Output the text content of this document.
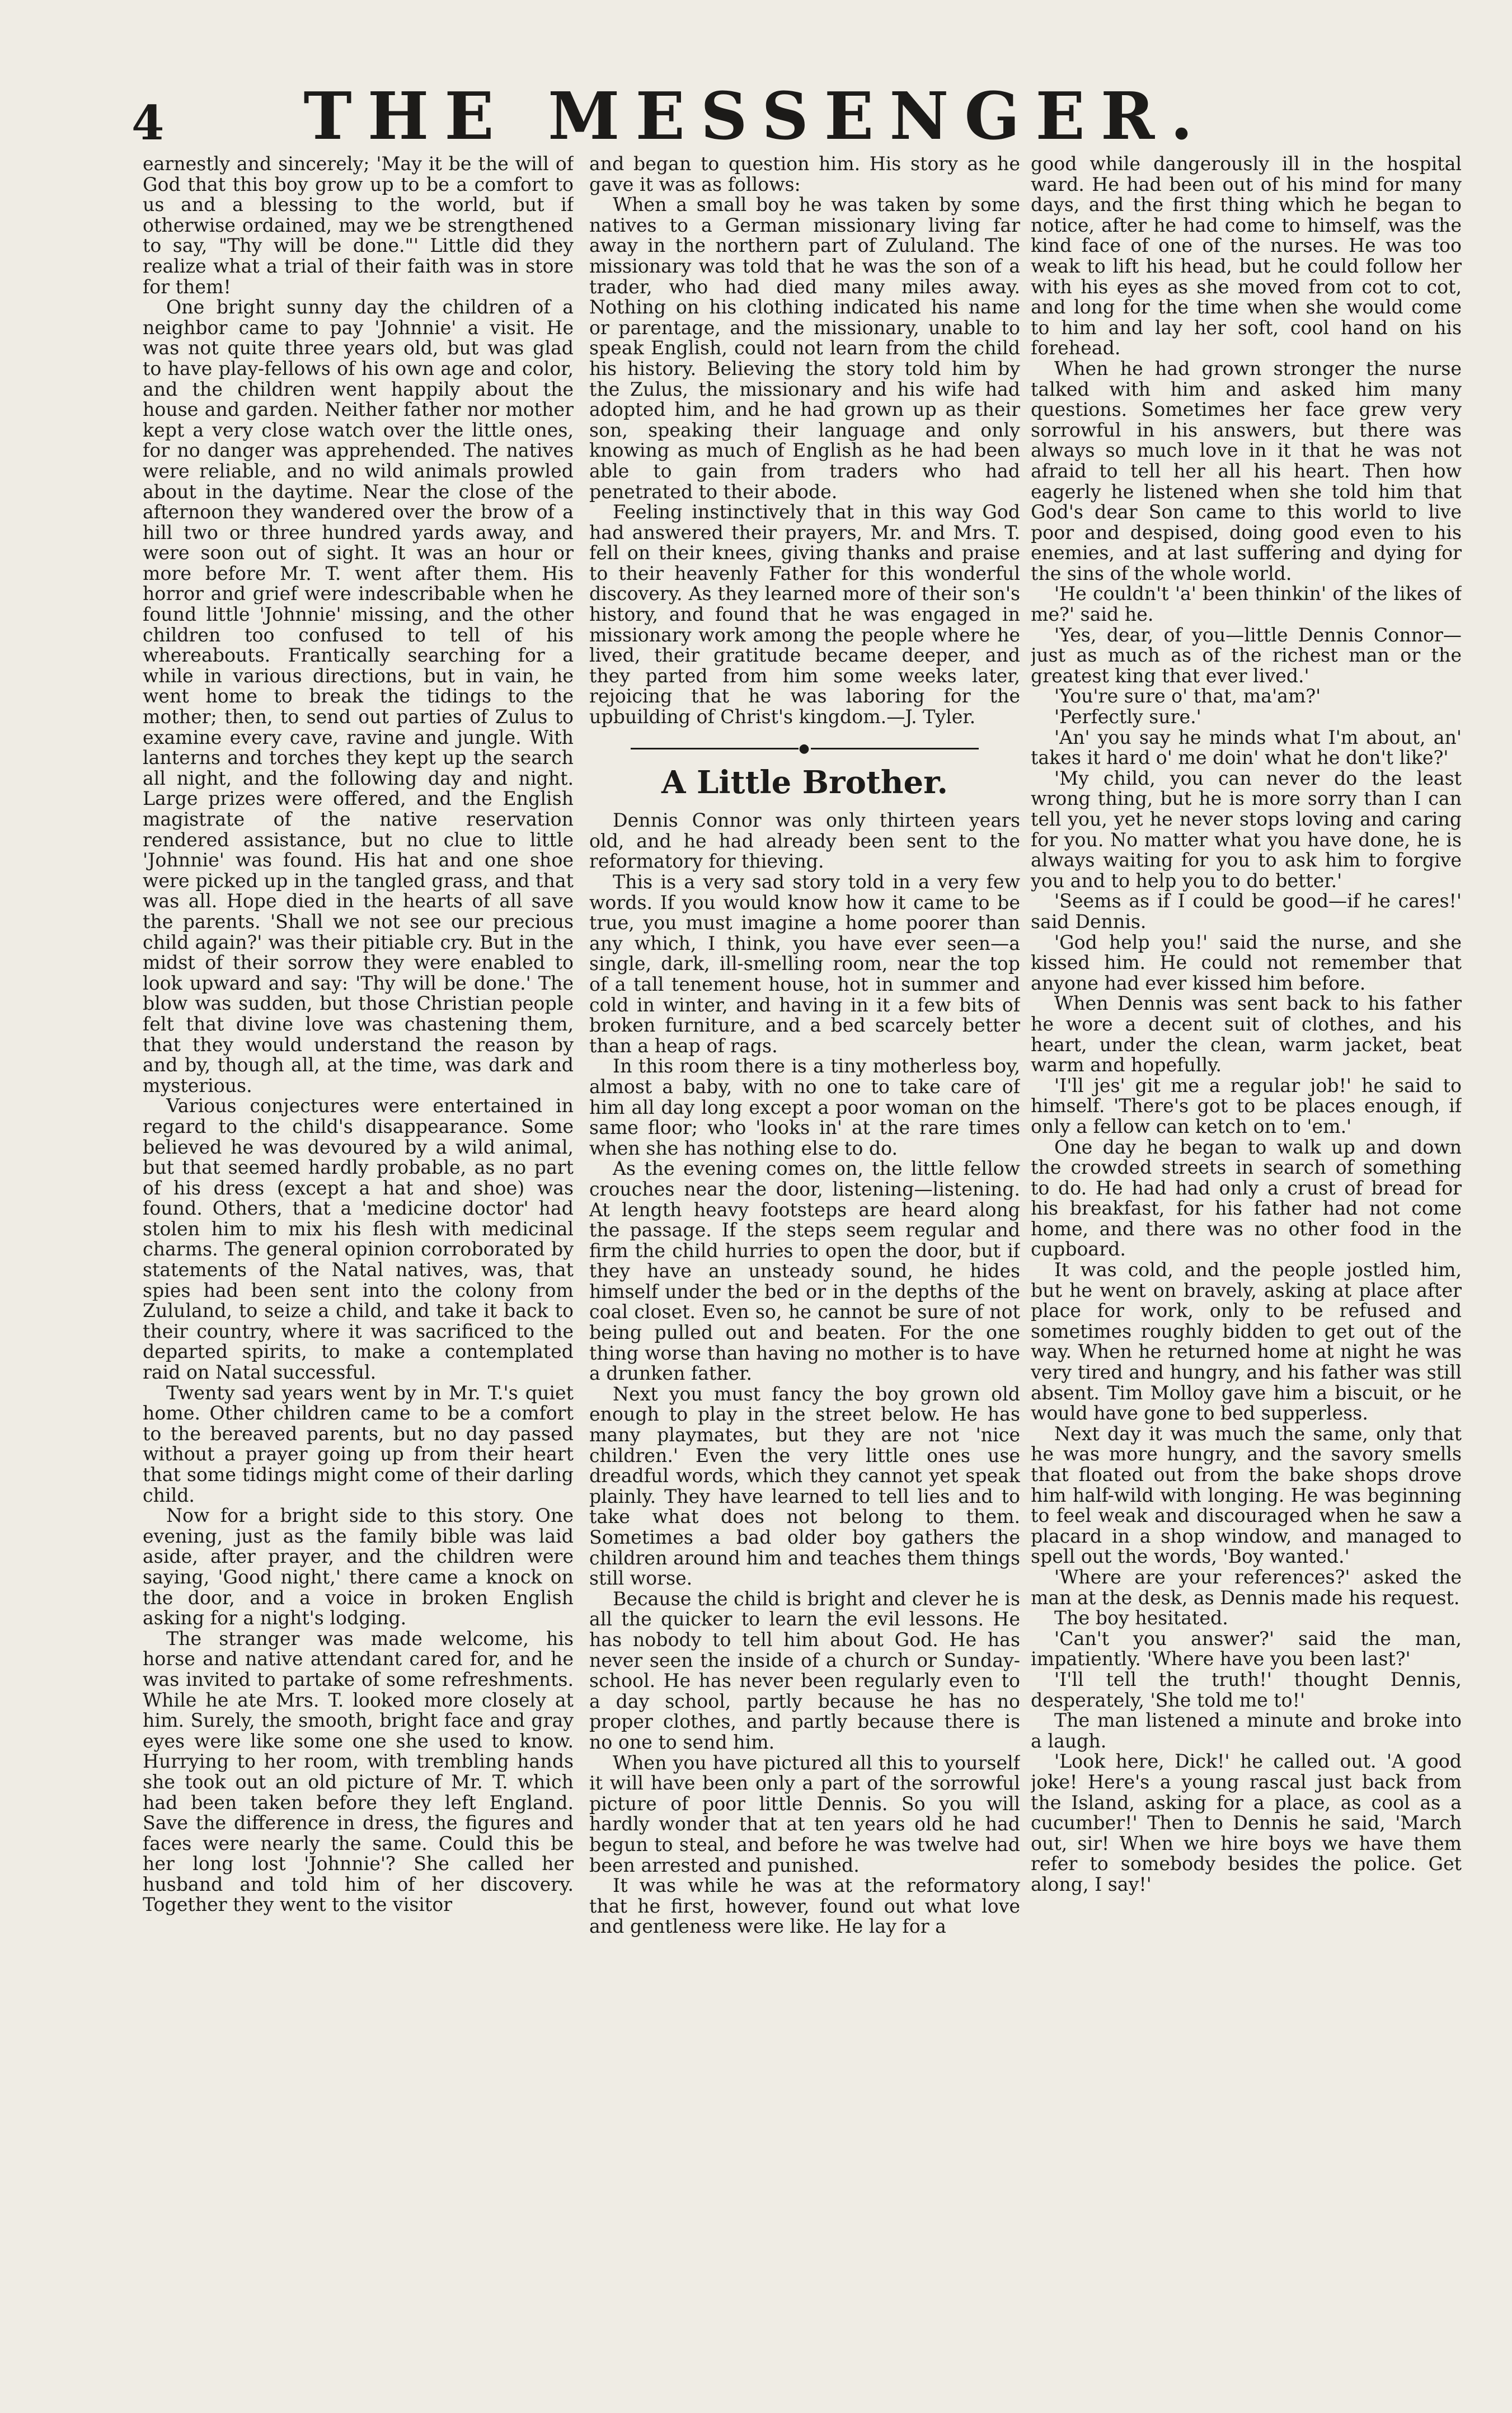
4	THE MESSENGER.

earnestly and sincerely; 'May it be the will of God that this boy grow up to be a comfort to us and a blessing to the world, but if otherwise ordained, may we be strengthened to say, "Thy will be done."' Little did they realize what a trial of their faith was in store for them!

One bright sunny day the children of a neighbor came to pay 'Johnnie' a visit. He was not quite three years old, but was glad to have play-fellows of his own age and color, and the children went happily about the house and garden. Neither father nor mother kept a very close watch over the little ones, for no danger was apprehended. The natives were reliable, and no wild animals prowled about in the daytime. Near the close of the afternoon they wandered over the brow of a hill two or three hundred yards away, and were soon out of sight. It was an hour or more before Mr. T. went after them. His horror and grief were indescribable when he found little 'Johnnie' missing, and the other children too confused to tell of his whereabouts. Frantically searching for a while in various directions, but in vain, he went home to break the tidings to the mother; then, to send out parties of Zulus to examine every cave, ravine and jungle. With lanterns and torches they kept up the search all night, and the following day and night. Large prizes were offered, and the English magistrate of the native reservation rendered assistance, but no clue to little 'Johnnie' was found. His hat and one shoe were picked up in the tangled grass, and that was all. Hope died in the hearts of all save the parents. 'Shall we not see our precious child again?' was their pitiable cry. But in the midst of their sorrow they were enabled to look upward and say: 'Thy will be done.' The blow was sudden, but those Christian people felt that divine love was chastening them, that they would understand the reason by and by, though all, at the time, was dark and mysterious.

Various conjectures were entertained in regard to the child's disappearance. Some believed he was devoured by a wild animal, but that seemed hardly probable, as no part of his dress (except a hat and shoe) was found. Others, that a 'medicine doctor' had stolen him to mix his flesh with medicinal charms. The general opinion corroborated by statements of the Natal natives, was, that spies had been sent into the colony from Zululand, to seize a child, and take it back to their country, where it was sacrificed to the departed spirits, to make a contemplated raid on Natal successful.

Twenty sad years went by in Mr. T.'s quiet home. Other children came to be a comfort to the bereaved parents, but no day passed without a prayer going up from their heart that some tidings might come of their darling child.

Now for a bright side to this story. One evening, just as the family bible was laid aside, after prayer, and the children were saying, 'Good night,' there came a knock on the door, and a voice in broken English asking for a night's lodging.

The stranger was made welcome, his horse and native attendant cared for, and he was invited to partake of some refreshments. While he ate Mrs. T. looked more closely at him. Surely, the smooth, bright face and gray eyes were like some one she used to know. Hurrying to her room, with trembling hands she took out an old picture of Mr. T. which had been taken before they left England. Save the difference in dress, the figures and faces were nearly the same. Could this be her long lost 'Johnnie'? She called her husband and told him of her discovery. Together they went to the visitor

and began to question him. His story as he gave it was as follows:

When a small boy he was taken by some natives to a German missionary living far away in the northern part of Zululand. The missionary was told that he was the son of a trader, who had died many miles away. Nothing on his clothing indicated his name or parentage, and the missionary, unable to speak English, could not learn from the child his history. Believing the story told him by the Zulus, the missionary and his wife had adopted him, and he had grown up as their son, speaking their language and only knowing as much of English as he had been able to gain from traders who had penetrated to their abode.

Feeling instinctively that in this way God had answered their prayers, Mr. and Mrs. T. fell on their knees, giving thanks and praise to their heavenly Father for this wonderful discovery. As they learned more of their son's history, and found that he was engaged in missionary work among the people where he lived, their gratitude became deeper, and they parted from him some weeks later, rejoicing that he was laboring for the upbuilding of Christ's kingdom.—J. Tyler.

●
A Little Brother.

Dennis Connor was only thirteen years old, and he had already been sent to the reformatory for thieving.

This is a very sad story told in a very few words. If you would know how it came to be true, you must imagine a home poorer than any which, I think, you have ever seen—a single, dark, ill-smelling room, near the top of a tall tenement house, hot in summer and cold in winter, and having in it a few bits of broken furniture, and a bed scarcely better than a heap of rags.

In this room there is a tiny motherless boy, almost a baby, with no one to take care of him all day long except a poor woman on the same floor; who 'looks in' at the rare times when she has nothing else to do.

As the evening comes on, the little fellow crouches near the door, listening—listening. At length heavy footsteps are heard along the passage. If the steps seem regular and firm the child hurries to open the door, but if they have an unsteady sound, he hides himself under the bed or in the depths of the coal closet. Even so, he cannot be sure of not being pulled out and beaten. For the one thing worse than having no mother is to have a drunken father.

Next you must fancy the boy grown old enough to play in the street below. He has many playmates, but they are not 'nice children.' Even the very little ones use dreadful words, which they cannot yet speak plainly. They have learned to tell lies and to take what does not belong to them. Sometimes a bad older boy gathers the children around him and teaches them things still worse.

Because the child is bright and clever he is all the quicker to learn the evil lessons. He has nobody to tell him about God. He has never seen the inside of a church or Sunday-school. He has never been regularly even to a day school, partly because he has no proper clothes, and partly because there is no one to send him.

When you have pictured all this to yourself it will have been only a part of the sorrowful picture of poor little Dennis. So you will hardly wonder that at ten years old he had begun to steal, and before he was twelve had been arrested and punished.

It was while he was at the reformatory that he first, however, found out what love and gentleness were like. He lay for a

good while dangerously ill in the hospital ward. He had been out of his mind for many days, and the first thing which he began to notice, after he had come to himself, was the kind face of one of the nurses. He was too weak to lift his head, but he could follow her with his eyes as she moved from cot to cot, and long for the time when she would come to him and lay her soft, cool hand on his forehead.

When he had grown stronger the nurse talked with him and asked him many questions. Sometimes her face grew very sorrowful in his answers, but there was always so much love in it that he was not afraid to tell her all his heart. Then how eagerly he listened when she told him that God's dear Son came to this world to live poor and despised, doing good even to his enemies, and at last suffering and dying for the sins of the whole world.

'He couldn't 'a' been thinkin' of the likes of me?' said he.

'Yes, dear, of you—little Dennis Connor—just as much as of the richest man or the greatest king that ever lived.'

'You're sure o' that, ma'am?'

'Perfectly sure.'

'An' you say he minds what I'm about, an' takes it hard o' me doin' what he don't like?'

'My child, you can never do the least wrong thing, but he is more sorry than I can tell you, yet he never stops loving and caring for you. No matter what you have done, he is always waiting for you to ask him to forgive you and to help you to do better.'

'Seems as if I could be good—if he cares!' said Dennis.

'God help you!' said the nurse, and she kissed him. He could not remember that anyone had ever kissed him before.

When Dennis was sent back to his father he wore a decent suit of clothes, and his heart, under the clean, warm jacket, beat warm and hopefully.

'I'll jes' git me a regular job!' he said to himself. 'There's got to be places enough, if only a fellow can ketch on to 'em.'

One day he began to walk up and down the crowded streets in search of something to do. He had had only a crust of bread for his breakfast, for his father had not come home, and there was no other food in the cupboard.

It was cold, and the people jostled him, but he went on bravely, asking at place after place for work, only to be refused and sometimes roughly bidden to get out of the way. When he returned home at night he was very tired and hungry, and his father was still absent. Tim Molloy gave him a biscuit, or he would have gone to bed supperless.

Next day it was much the same, only that he was more hungry, and the savory smells that floated out from the bake shops drove him half-wild with longing. He was beginning to feel weak and discouraged when he saw a placard in a shop window, and managed to spell out the words, 'Boy wanted.'

'Where are your references?' asked the man at the desk, as Dennis made his request.

The boy hesitated.

'Can't you answer?' said the man, impatiently. 'Where have you been last?'

'I'll tell the truth!' thought Dennis, desperately, 'She told me to!'

The man listened a minute and broke into a laugh.

'Look here, Dick!' he called out. 'A good joke! Here's a young rascal just back from the Island, asking for a place, as cool as a cucumber!' Then to Dennis he said, 'March out, sir! When we hire boys we have them refer to somebody besides the police. Get along, I say!'
